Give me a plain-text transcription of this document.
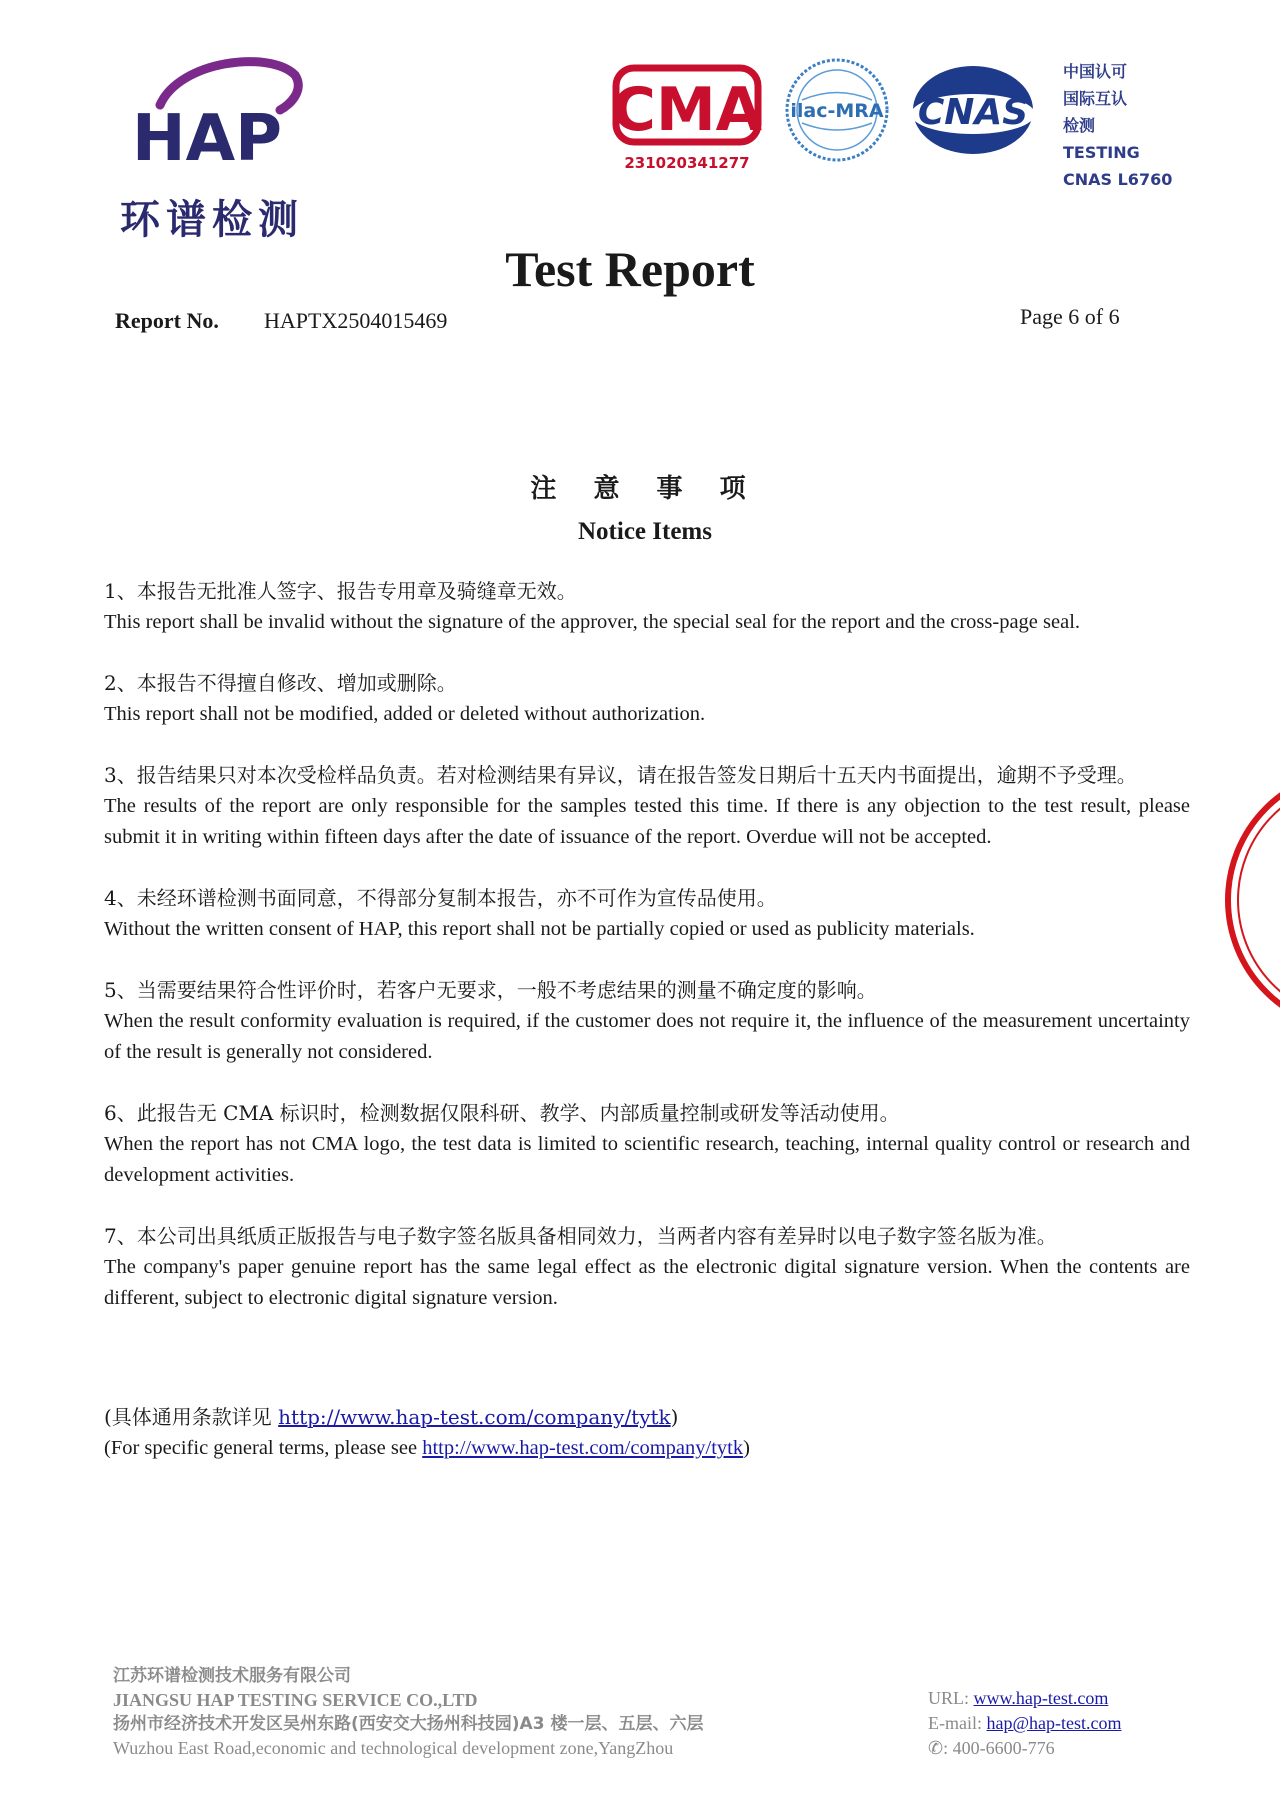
HAP
环谱检测
CMA
231020341277
ilac-MRA CNAS
中国认可
国际互认
检测
TESTING
CNAS L6760
Test Report
Report No. HAPTX2504015469	Page 6 of 6
注 意 事 项
Notice Items
1、本报告无批准人签字、报告专用章及骑缝章无效。
This report shall be invalid without the signature of the approver, the special seal for the report and the cross-page seal.
2、本报告不得擅自修改、增加或删除。
This report shall not be modified, added or deleted without authorization.
3、报告结果只对本次受检样品负责。若对检测结果有异议，请在报告签发日期后十五天内书面提出，逾期不予受理。
The results of the report are only responsible for the samples tested this time. If there is any objection to the test result, please submit it in writing within fifteen days after the date of issuance of the report. Overdue will not be accepted.
4、未经环谱检测书面同意，不得部分复制本报告，亦不可作为宣传品使用。
Without the written consent of HAP, this report shall not be partially copied or used as publicity materials.
5、当需要结果符合性评价时，若客户无要求，一般不考虑结果的测量不确定度的影响。
When the result conformity evaluation is required, if the customer does not require it, the influence of the measurement uncertainty of the result is generally not considered.
6、此报告无 CMA 标识时，检测数据仅限科研、教学、内部质量控制或研发等活动使用。
When the report has not CMA logo, the test data is limited to scientific research, teaching, internal quality control or research and development activities.
7、本公司出具纸质正版报告与电子数字签名版具备相同效力，当两者内容有差异时以电子数字签名版为准。
The company's paper genuine report has the same legal effect as the electronic digital signature version. When the contents are different, subject to electronic digital signature version.
(具体通用条款详见 http://www.hap-test.com/company/tytk)
(For specific general terms, please see http://www.hap-test.com/company/tytk)
江苏环谱检测技术服务有限公司
JIANGSU HAP TESTING SERVICE CO.,LTD
扬州市经济技术开发区吴州东路(西安交大扬州科技园)A3 楼一层、五层、六层
Wuzhou East Road,economic and technological development zone,YangZhou
URL: www.hap-test.com
E-mail: hap@hap-test.com
✆: 400-6600-776
